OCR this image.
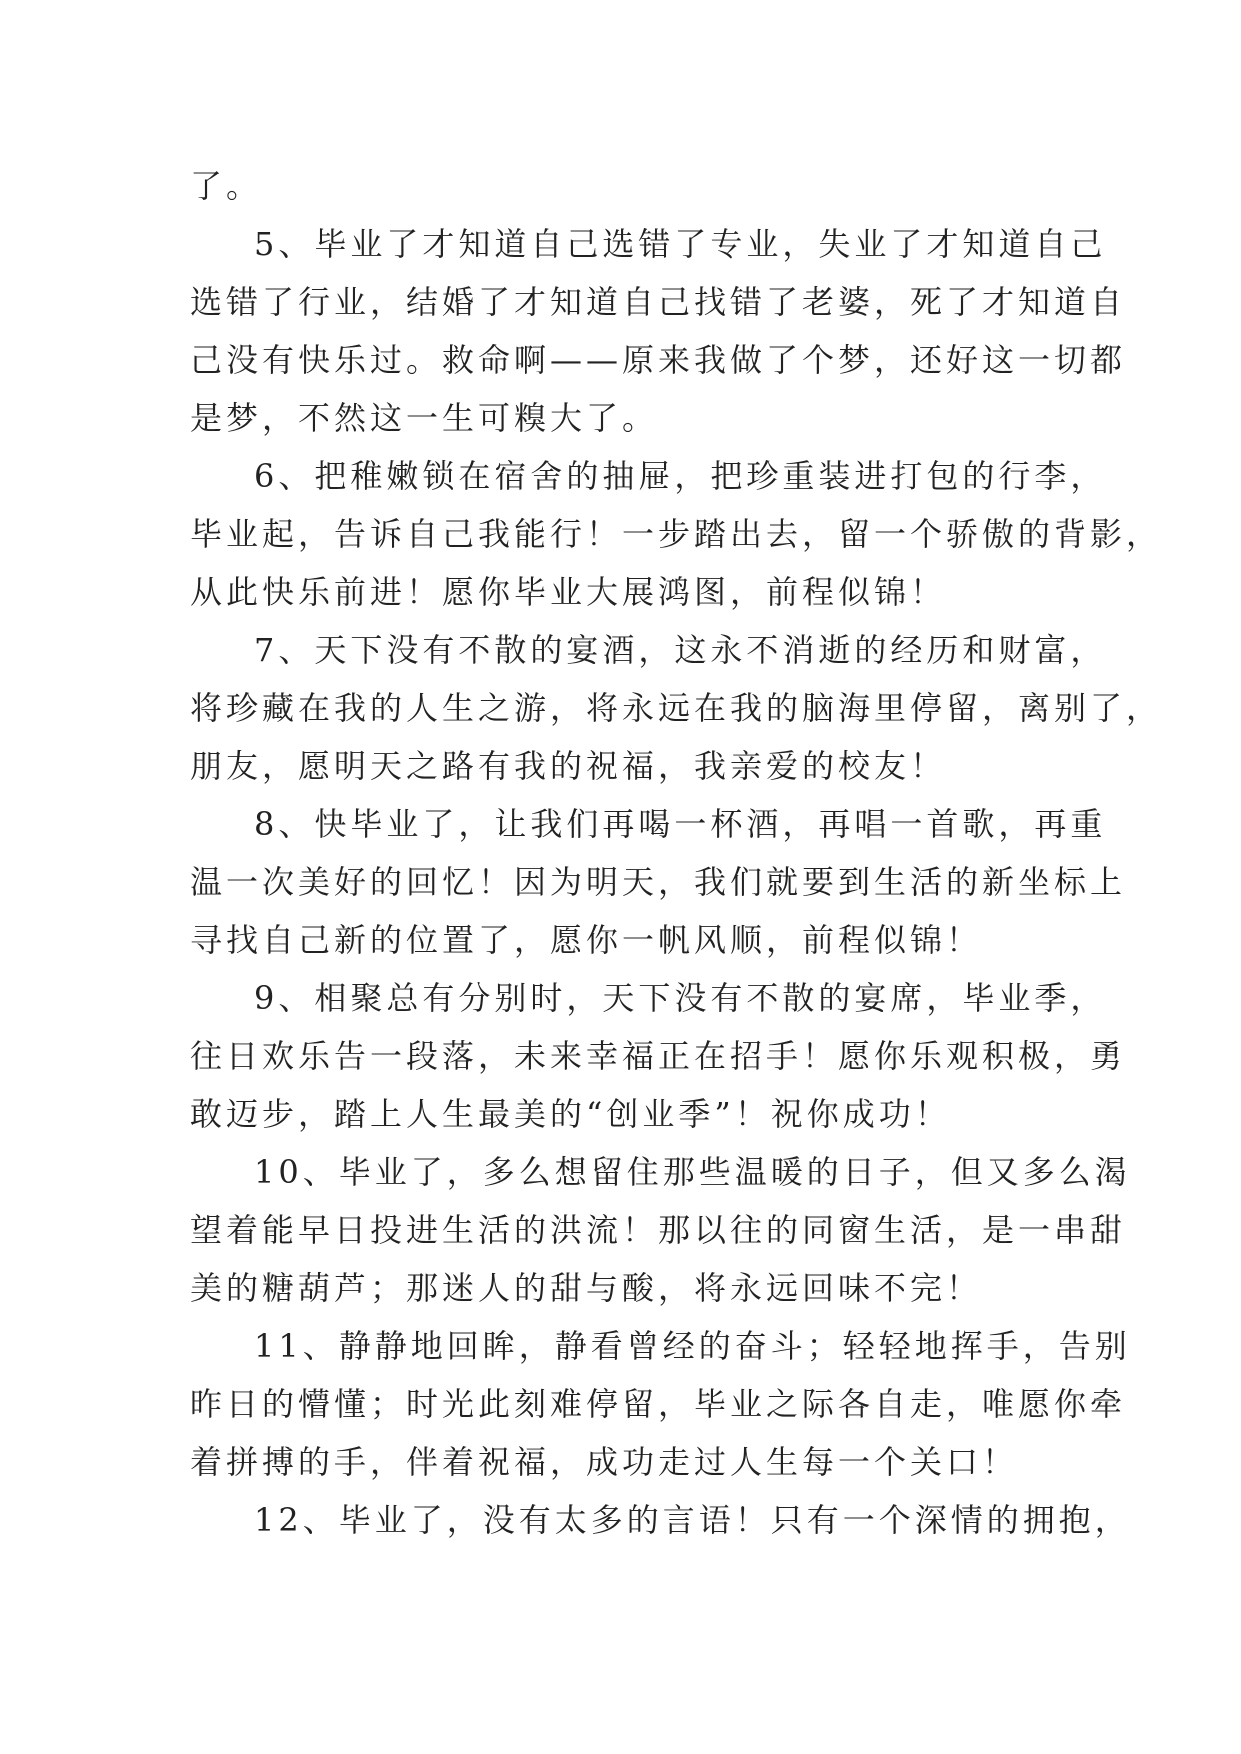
了。
5、毕业了才知道自己选错了专业，失业了才知道自己
选错了行业，结婚了才知道自己找错了老婆，死了才知道自
己没有快乐过。救命啊——原来我做了个梦，还好这一切都
是梦，不然这一生可糗大了。
6、把稚嫩锁在宿舍的抽屉，把珍重装进打包的行李，
毕业起，告诉自己我能行！一步踏出去，留一个骄傲的背影，
从此快乐前进！愿你毕业大展鸿图，前程似锦！
7、天下没有不散的宴酒，这永不消逝的经历和财富，
将珍藏在我的人生之游，将永远在我的脑海里停留，离别了，
朋友，愿明天之路有我的祝福，我亲爱的校友！
8、快毕业了，让我们再喝一杯酒，再唱一首歌，再重
温一次美好的回忆！因为明天，我们就要到生活的新坐标上
寻找自己新的位置了，愿你一帆风顺，前程似锦！
9、相聚总有分别时，天下没有不散的宴席，毕业季，
往日欢乐告一段落，未来幸福正在招手！愿你乐观积极，勇
敢迈步，踏上人生最美的“创业季”！祝你成功！
10、毕业了，多么想留住那些温暖的日子，但又多么渴
望着能早日投进生活的洪流！那以往的同窗生活，是一串甜
美的糖葫芦；那迷人的甜与酸，将永远回味不完！
11、静静地回眸，静看曾经的奋斗；轻轻地挥手，告别
昨日的懵懂；时光此刻难停留，毕业之际各自走，唯愿你牵
着拼搏的手，伴着祝福，成功走过人生每一个关口！
12、毕业了，没有太多的言语！只有一个深情的拥抱，
